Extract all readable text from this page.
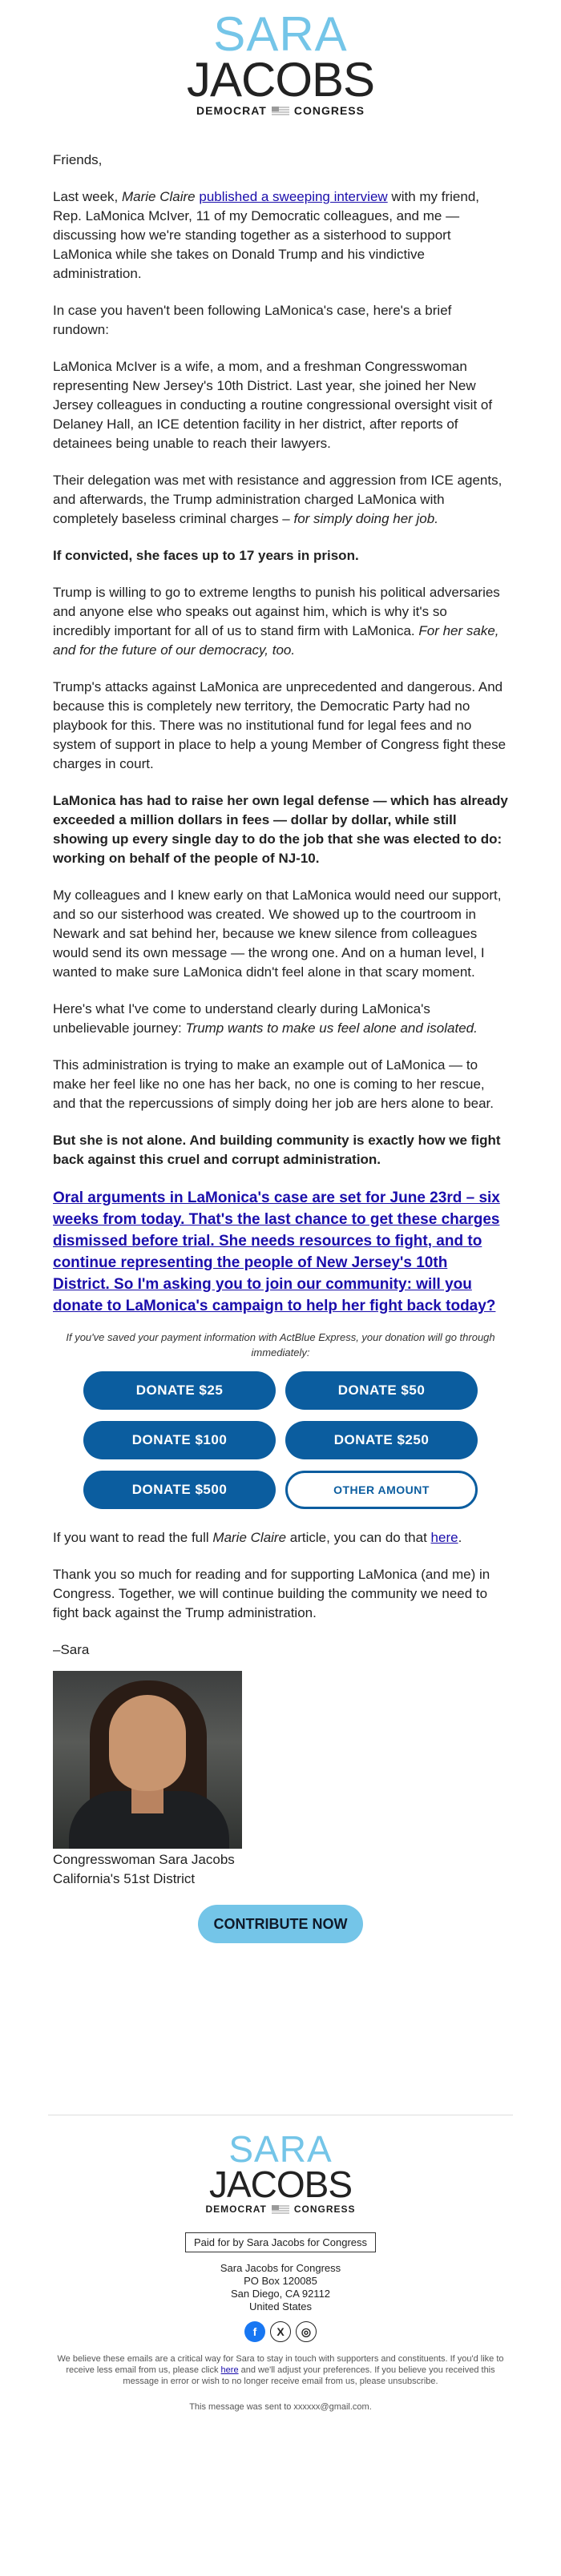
SARA
JACOBS
DEMOCRAT CONGRESS

Friends,

Last week, Marie Claire published a sweeping interview with my friend, Rep. LaMonica McIver, 11 of my Democratic colleagues, and me — discussing how we're standing together as a sisterhood to support LaMonica while she takes on Donald Trump and his vindictive administration.

In case you haven't been following LaMonica's case, here's a brief rundown:

LaMonica McIver is a wife, a mom, and a freshman Congresswoman representing New Jersey's 10th District. Last year, she joined her New Jersey colleagues in conducting a routine congressional oversight visit of Delaney Hall, an ICE detention facility in her district, after reports of detainees being unable to reach their lawyers.

Their delegation was met with resistance and aggression from ICE agents, and afterwards, the Trump administration charged LaMonica with completely baseless criminal charges – for simply doing her job.

If convicted, she faces up to 17 years in prison.

Trump is willing to go to extreme lengths to punish his political adversaries and anyone else who speaks out against him, which is why it's so incredibly important for all of us to stand firm with LaMonica. For her sake, and for the future of our democracy, too.

Trump's attacks against LaMonica are unprecedented and dangerous. And because this is completely new territory, the Democratic Party had no playbook for this. There was no institutional fund for legal fees and no system of support in place to help a young Member of Congress fight these charges in court.

LaMonica has had to raise her own legal defense — which has already exceeded a million dollars in fees — dollar by dollar, while still showing up every single day to do the job that she was elected to do: working on behalf of the people of NJ-10.

My colleagues and I knew early on that LaMonica would need our support, and so our sisterhood was created. We showed up to the courtroom in Newark and sat behind her, because we knew silence from colleagues would send its own message — the wrong one. And on a human level, I wanted to make sure LaMonica didn't feel alone in that scary moment.

Here's what I've come to understand clearly during LaMonica's unbelievable journey: Trump wants to make us feel alone and isolated.

This administration is trying to make an example out of LaMonica — to make her feel like no one has her back, no one is coming to her rescue, and that the repercussions of simply doing her job are hers alone to bear.

But she is not alone. And building community is exactly how we fight back against this cruel and corrupt administration.

Oral arguments in LaMonica's case are set for June 23rd – six weeks from today. That's the last chance to get these charges dismissed before trial. She needs resources to fight, and to continue representing the people of New Jersey's 10th District. So I'm asking you to join our community: will you donate to LaMonica's campaign to help her fight back today?

If you've saved your payment information with ActBlue Express, your donation will go through immediately:

DONATE $25	DONATE $50
DONATE $100	DONATE $250
DONATE $500	OTHER AMOUNT

If you want to read the full Marie Claire article, you can do that here.

Thank you so much for reading and for supporting LaMonica (and me) in Congress. Together, we will continue building the community we need to fight back against the Trump administration.

–Sara

Congresswoman Sara Jacobs

California's 51st District

CONTRIBUTE NOW
SARA
JACOBS
DEMOCRAT	CONGRESS
Paid for by Sara Jacobs for Congress
Sara Jacobs for Congress
PO Box 120085
San Diego, CA 92112
United States
f	X	◎

We believe these emails are a critical way for Sara to stay in touch with supporters and constituents. If you'd like to receive less email from us, please click here and we'll adjust your preferences. If you believe you received this message in error or wish to no longer receive email from us, please unsubscribe.

This message was sent to xxxxxx@gmail.com.
